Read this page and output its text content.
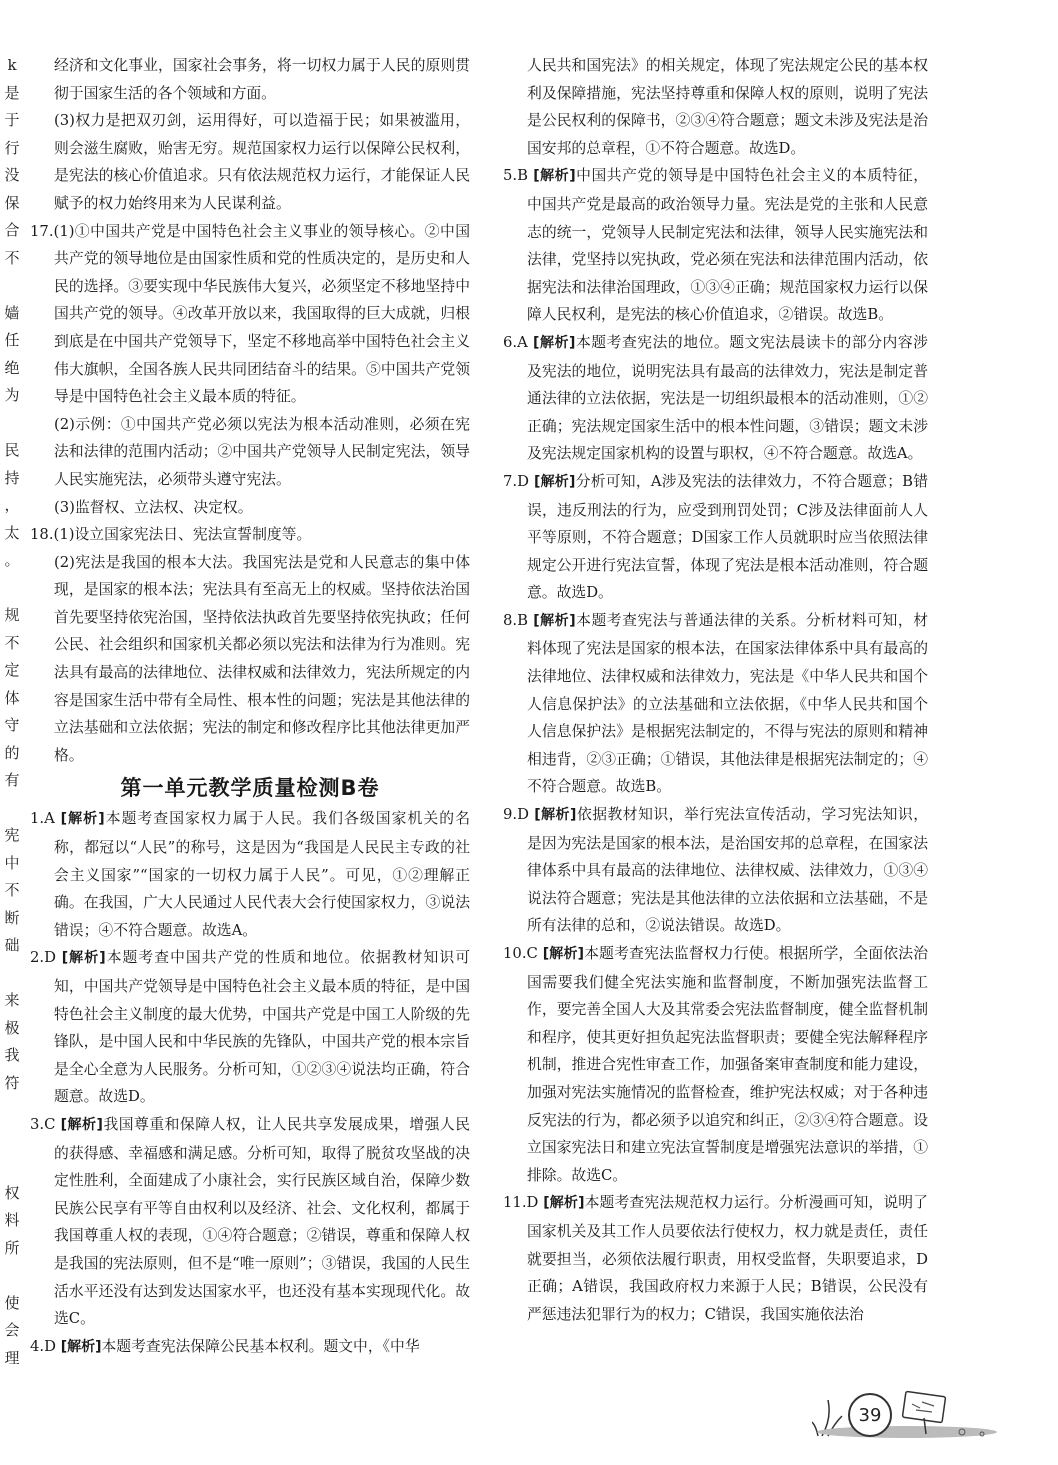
k
是
于
行
没
保
合
不
嫱
任
绝
为
民
持
，
太
。
规
不
定
体
守
的
有
宪
中
不
断
础
来
极
我
符
权
料
所
使
会
理

经济和文化事业，国家社会事务，将一切权力属于人民的原则贯彻于国家生活的各个领域和方面。

(3)权力是把双刃剑，运用得好，可以造福于民；如果被滥用，则会滋生腐败，贻害无穷。规范国家权力运行以保障公民权利，是宪法的核心价值追求。只有依法规范权力运行，才能保证人民赋予的权力始终用来为人民谋利益。

17.(1)①中国共产党是中国特色社会主义事业的领导核心。②中国共产党的领导地位是由国家性质和党的性质决定的，是历史和人民的选择。③要实现中华民族伟大复兴，必须坚定不移地坚持中国共产党的领导。④改革开放以来，我国取得的巨大成就，归根到底是在中国共产党领导下，坚定不移地高举中国特色社会主义伟大旗帜，全国各族人民共同团结奋斗的结果。⑤中国共产党领导是中国特色社会主义最本质的特征。

(2)示例：①中国共产党必须以宪法为根本活动准则，必须在宪法和法律的范围内活动；②中国共产党领导人民制定宪法，领导人民实施宪法，必须带头遵守宪法。

(3)监督权、立法权、决定权。

18.(1)设立国家宪法日、宪法宣誓制度等。

(2)宪法是我国的根本大法。我国宪法是党和人民意志的集中体现，是国家的根本法；宪法具有至高无上的权威。坚持依法治国首先要坚持依宪治国，坚持依法执政首先要坚持依宪执政；任何公民、社会组织和国家机关都必须以宪法和法律为行为准则。宪法具有最高的法律地位、法律权威和法律效力，宪法所规定的内容是国家生活中带有全局性、根本性的问题；宪法是其他法律的立法基础和立法依据；宪法的制定和修改程序比其他法律更加严格。

第一单元教学质量检测B卷

1.A [解析]本题考查国家权力属于人民。我们各级国家机关的名称，都冠以“人民”的称号，这是因为“我国是人民民主专政的社会主义国家”“国家的一切权力属于人民”。可见，①②理解正确。在我国，广大人民通过人民代表大会行使国家权力，③说法错误；④不符合题意。故选A。

2.D [解析]本题考查中国共产党的性质和地位。依据教材知识可知，中国共产党领导是中国特色社会主义最本质的特征，是中国特色社会主义制度的最大优势，中国共产党是中国工人阶级的先锋队，是中国人民和中华民族的先锋队，中国共产党的根本宗旨是全心全意为人民服务。分析可知，①②③④说法均正确，符合题意。故选D。

3.C [解析]我国尊重和保障人权，让人民共享发展成果，增强人民的获得感、幸福感和满足感。分析可知，取得了脱贫攻坚战的决定性胜利，全面建成了小康社会，实行民族区域自治，保障少数民族公民享有平等自由权利以及经济、社会、文化权利，都属于我国尊重人权的表现，①④符合题意；②错误，尊重和保障人权是我国的宪法原则，但不是“唯一原则”；③错误，我国的人民生活水平还没有达到发达国家水平，也还没有基本实现现代化。故选C。

4.D [解析]本题考查宪法保障公民基本权利。题文中，《中华

人民共和国宪法》的相关规定，体现了宪法规定公民的基本权利及保障措施，宪法坚持尊重和保障人权的原则，说明了宪法是公民权利的保障书，②③④符合题意；题文未涉及宪法是治国安邦的总章程，①不符合题意。故选D。

5.B [解析]中国共产党的领导是中国特色社会主义的本质特征，中国共产党是最高的政治领导力量。宪法是党的主张和人民意志的统一，党领导人民制定宪法和法律，领导人民实施宪法和法律，党坚持以宪执政，党必须在宪法和法律范围内活动，依据宪法和法律治国理政，①③④正确；规范国家权力运行以保障人民权利，是宪法的核心价值追求，②错误。故选B。

6.A [解析]本题考查宪法的地位。题文宪法晨读卡的部分内容涉及宪法的地位，说明宪法具有最高的法律效力，宪法是制定普通法律的立法依据，宪法是一切组织最根本的活动准则，①②正确；宪法规定国家生活中的根本性问题，③错误；题文未涉及宪法规定国家机构的设置与职权，④不符合题意。故选A。

7.D [解析]分析可知，A涉及宪法的法律效力，不符合题意；B错误，违反刑法的行为，应受到刑罚处罚；C涉及法律面前人人平等原则，不符合题意；D国家工作人员就职时应当依照法律规定公开进行宪法宣誓，体现了宪法是根本活动准则，符合题意。故选D。

8.B [解析]本题考查宪法与普通法律的关系。分析材料可知，材料体现了宪法是国家的根本法，在国家法律体系中具有最高的法律地位、法律权威和法律效力，宪法是《中华人民共和国个人信息保护法》的立法基础和立法依据，《中华人民共和国个人信息保护法》是根据宪法制定的，不得与宪法的原则和精神相违背，②③正确；①错误，其他法律是根据宪法制定的；④不符合题意。故选B。

9.D [解析]依据教材知识，举行宪法宣传活动，学习宪法知识，是因为宪法是国家的根本法，是治国安邦的总章程，在国家法律体系中具有最高的法律地位、法律权威、法律效力，①③④说法符合题意；宪法是其他法律的立法依据和立法基础，不是所有法律的总和，②说法错误。故选D。

10.C [解析]本题考查宪法监督权力行使。根据所学，全面依法治国需要我们健全宪法实施和监督制度，不断加强宪法监督工作，要完善全国人大及其常委会宪法监督制度，健全监督机制和程序，使其更好担负起宪法监督职责；要健全宪法解释程序机制，推进合宪性审查工作，加强备案审查制度和能力建设，加强对宪法实施情况的监督检查，维护宪法权威；对于各种违反宪法的行为，都必须予以追究和纠正，②③④符合题意。设立国家宪法日和建立宪法宣誓制度是增强宪法意识的举措，①排除。故选C。

11.D [解析]本题考查宪法规范权力运行。分析漫画可知，说明了国家机关及其工作人员要依法行使权力，权力就是责任，责任就要担当，必须依法履行职责，用权受监督，失职要追求，D正确；A错误，我国政府权力来源于人民；B错误，公民没有严惩违法犯罪行为的权力；C错误，我国实施依法治

39
